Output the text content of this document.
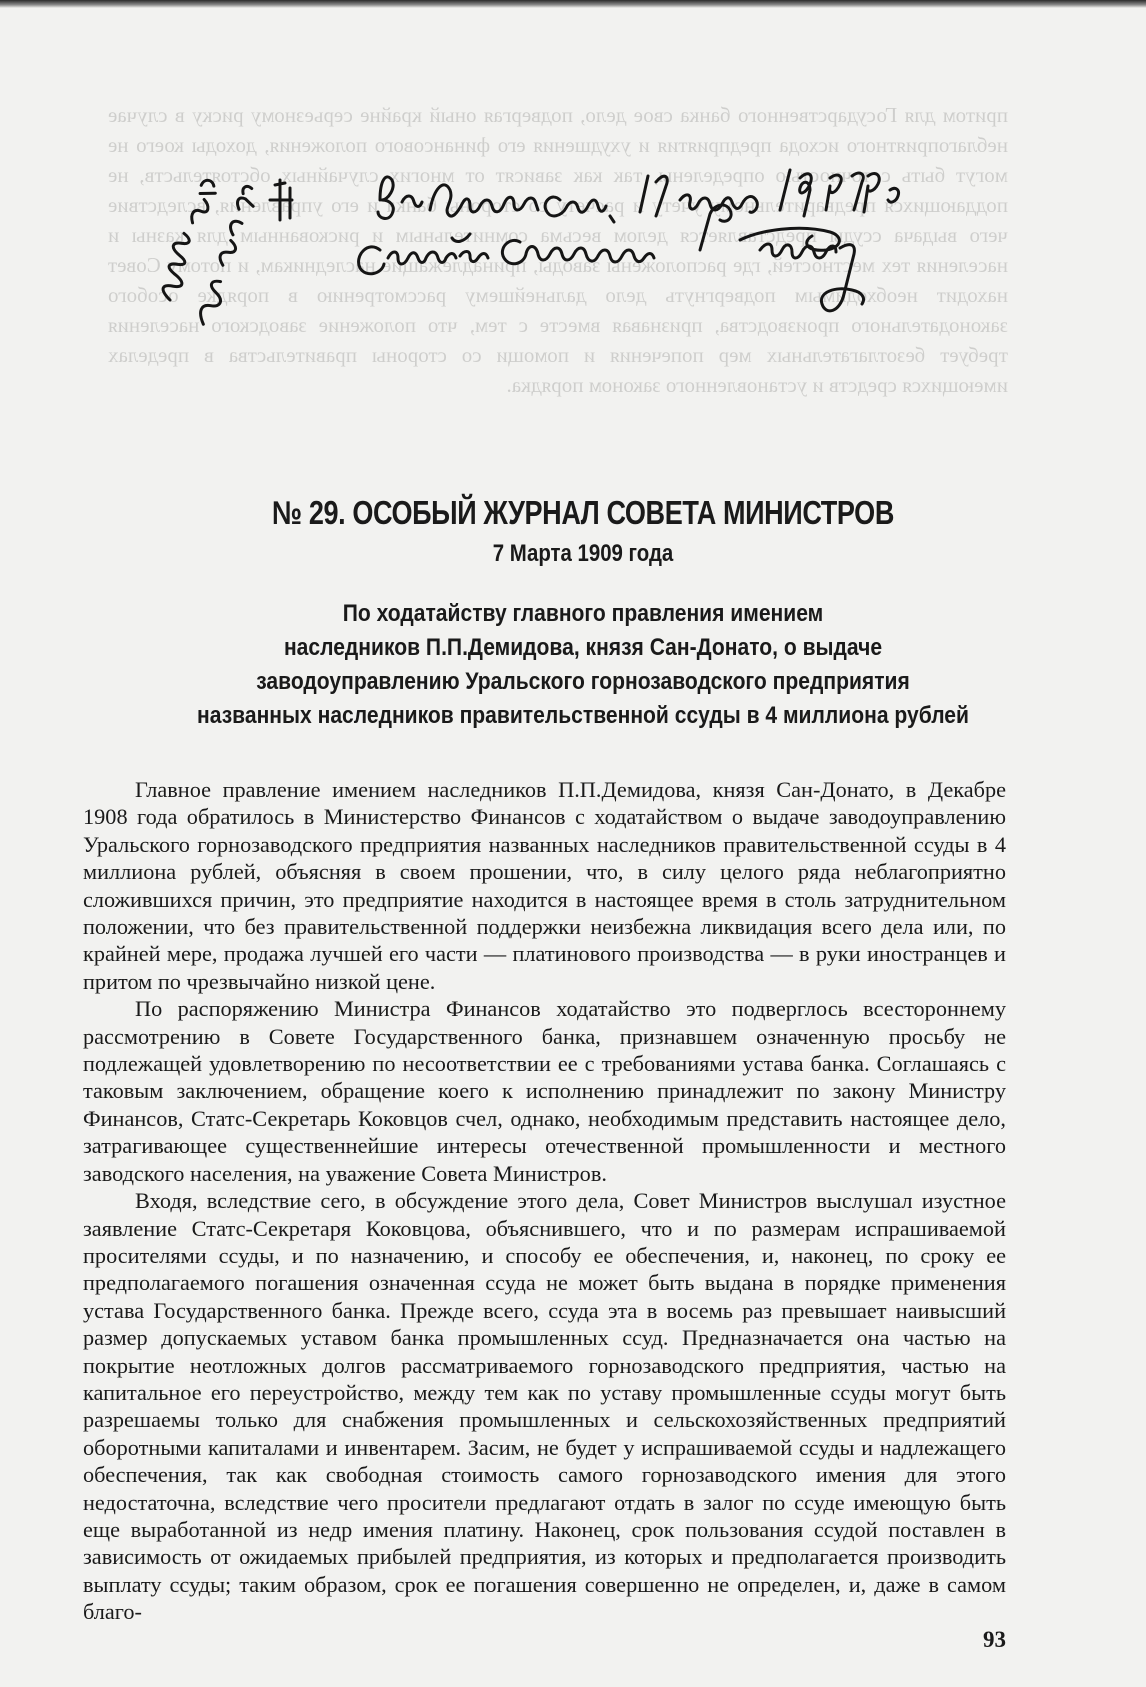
притом для Государственного банка свое дело, подвергая оный крайне серьезному риску в случае неблагоприятного исхода предприятия и ухудшения его финансового положения, доходы коего не могут быть с точностью определены, так как зависят от многих случайных обстоятельств, не поддающихся предварительному учету и расчету со стороны банка и его управления, вследствие чего выдача ссуды представляется делом весьма сомнительным и рискованным для казны и населения тех местностей, где расположены заводы, принадлежащие наследникам, и потому Совет находит необходимым подвергнуть дело дальнейшему рассмотрению в порядке особого законодательного производства, признавая вместе с тем, что положение заводского населения требует безотлагательных мер попечения и помощи со стороны правительства в пределах имеющихся средств и установленного законом порядка.

№ 29. ОСОБЫЙ ЖУРНАЛ СОВЕТА МИНИСТРОВ
7 Марта 1909 года
По ходатайству главного правления имением
наследников П.П.Демидова, князя Сан-Донато, о выдаче
заводоуправлению Уральского горнозаводского предприятия
названных наследников правительственной ссуды в 4 миллиона рублей

Главное правление имением наследников П.П.Демидова, князя Сан-Донато, в Декабре 1908 года обратилось в Министерство Финансов с ходатайством о выдаче заводоуправлению Уральского горнозаводского предприятия названных наследников правительственной ссуды в 4 миллиона рублей, объясняя в своем прошении, что, в силу целого ряда неблагоприятно сложившихся причин, это предприятие находится в настоящее время в столь затруднительном положении, что без правительственной поддержки неизбежна ликвидация всего дела или, по крайней мере, продажа лучшей его части — платинового производства — в руки иностранцев и притом по чрезвычайно низкой цене.

По распоряжению Министра Финансов ходатайство это подверглось всестороннeму рассмотрению в Совете Государственного банка, признавшем означенную просьбу не подлежащей удовлетворению по несоответствии ее с требованиями устава банка. Соглашаясь с таковым заключением, обращение коего к исполнению принадлежит по закону Министру Финансов, Статс-Секретарь Коковцов счел, однако, необходимым представить настоящее дело, затрагивающее существеннейшие интересы отечественной промышленности и местного заводского населения, на уважение Совета Министров.

Входя, вследствие сего, в обсуждение этого дела, Совет Министров выслушал изустное заявление Статс-Секретаря Коковцова, объяснившего, что и по размерам испрашиваемой просителями ссуды, и по назначению, и способу ее обеспечения, и, наконец, по сроку ее предполагаемого погашения означенная ссуда не может быть выдана в порядке применения устава Государственного банка. Прежде всего, ссуда эта в восемь раз превышает наивысший размер допускаемых уставом банка промышленных ссуд. Предназначается она частью на покрытие неотложных долгов рассматриваемого горнозаводского предприятия, частью на капитальное его переустройство, между тем как по уставу промышленные ссуды могут быть разрешаемы только для снабжения промышленных и сельскохозяйственных предприятий оборотными капиталами и инвентарем. Засим, не будет у испрашиваемой ссуды и надлежащего обеспечения, так как свободная стоимость самого горнозаводского имения для этого недостаточна, вследствие чего просители предлагают отдать в залог по ссуде имеющую быть еще выработанной из недр имения платину. Наконец, срок пользования ссудой поставлен в зависимость от ожидаемых прибылей предприятия, из которых и предполагается производить выплату ссуды; таким образом, срок ее погашения совершенно не определен, и, даже в самом благо-

93
